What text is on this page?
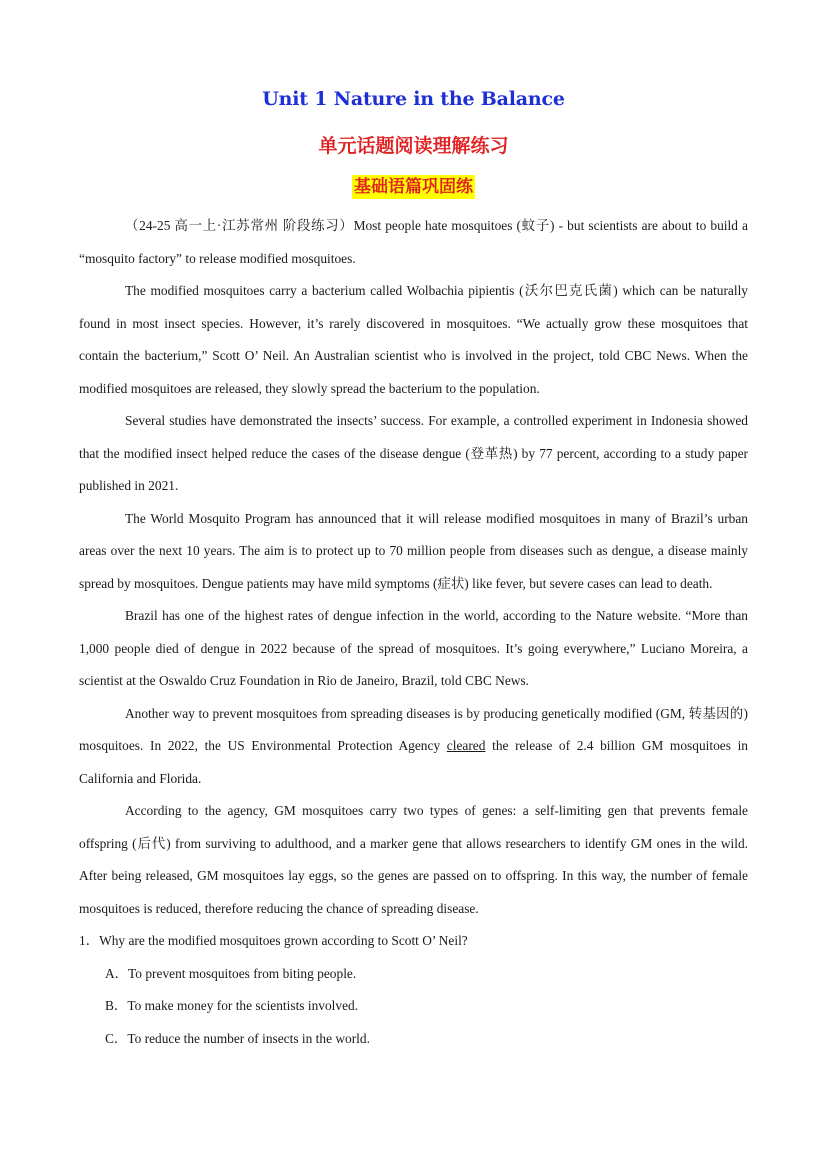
Unit 1 Nature in the Balance
单元话题阅读理解练习
基础语篇巩固练

（24-25 高一上·江苏常州 阶段练习）Most people hate mosquitoes (蚊子) - but scientists are about to build a “mosquito factory” to release modified mosquitoes.

The modified mosquitoes carry a bacterium called Wolbachia pipientis (沃尔巴克氏菌) which can be naturally found in most insect species. However, it’s rarely discovered in mosquitoes. “We actually grow these mosquitoes that contain the bacterium,” Scott O’ Neil. An Australian scientist who is involved in the project, told CBC News. When the modified mosquitoes are released, they slowly spread the bacterium to the population.

Several studies have demonstrated the insects’ success. For example, a controlled experiment in Indonesia showed that the modified insect helped reduce the cases of the disease dengue (登革热) by 77 percent, according to a study paper published in 2021.

The World Mosquito Program has announced that it will release modified mosquitoes in many of Brazil’s urban areas over the next 10 years. The aim is to protect up to 70 million people from diseases such as dengue, a disease mainly spread by mosquitoes. Dengue patients may have mild symptoms (症状) like fever, but severe cases can lead to death.

Brazil has one of the highest rates of dengue infection in the world, according to the Nature website. “More than 1,000 people died of dengue in 2022 because of the spread of mosquitoes. It’s going everywhere,” Luciano Moreira, a scientist at the Oswaldo Cruz Foundation in Rio de Janeiro, Brazil, told CBC News.

Another way to prevent mosquitoes from spreading diseases is by producing genetically modified (GM, 转基因的) mosquitoes. In 2022, the US Environmental Protection Agency cleared the release of 2.4 billion GM mosquitoes in California and Florida.

According to the agency, GM mosquitoes carry two types of genes: a self-limiting gen that prevents female offspring (后代) from surviving to adulthood, and a marker gene that allows researchers to identify GM ones in the wild. After being released, GM mosquitoes lay eggs, so the genes are passed on to offspring. In this way, the number of female mosquitoes is reduced, therefore reducing the chance of spreading disease.

1．Why are the modified mosquitoes grown according to Scott O’ Neil?

A．To prevent mosquitoes from biting people.

B．To make money for the scientists involved.

C．To reduce the number of insects in the world.
